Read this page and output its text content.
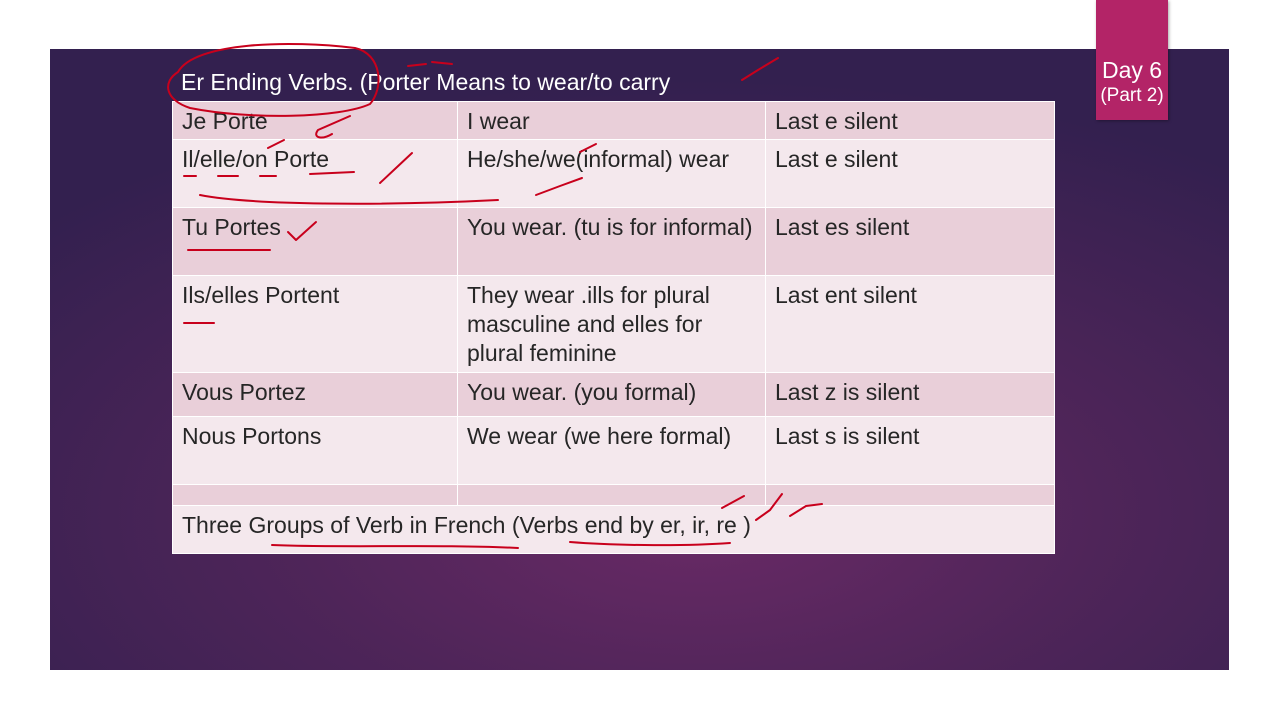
Day 6
(Part 2)
Er Ending Verbs. (Porter Means to wear/to carry
Je Porte	I wear	Last e silent
Il/elle/on Porte	He/she/we(informal) wear	Last e silent
Tu Portes	You wear. (tu is for informal)	Last es silent
Ils/elles Portent	They wear .ills for plural masculine and elles for plural feminine	Last ent silent
Vous Portez	You wear. (you formal)	Last z is silent
Nous Portons	We wear (we here formal)	Last s is silent

Three Groups of Verb in French (Verbs end by er, ir, re )		
